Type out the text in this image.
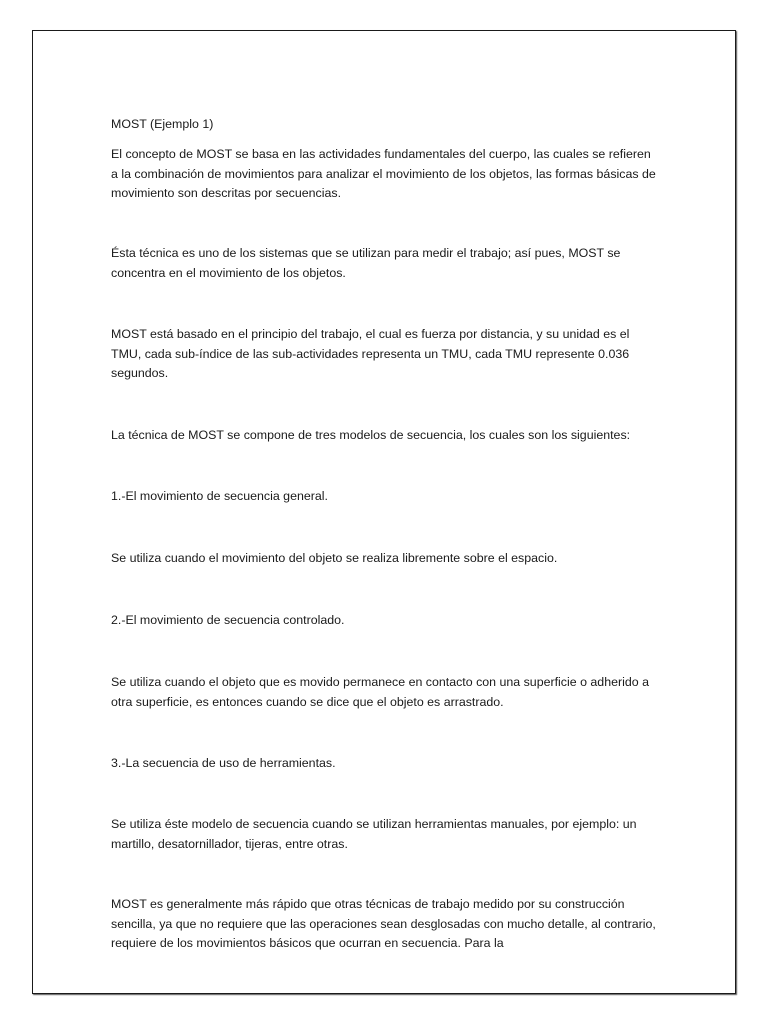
MOST (Ejemplo 1)

El concepto de MOST se basa en las actividades fundamentales del cuerpo, las cuales se refieren a la combinación de movimientos para analizar el movimiento de los objetos, las formas básicas de movimiento son descritas por secuencias.

Ésta técnica es uno de los sistemas que se utilizan para medir el trabajo; así pues, MOST se concentra en el movimiento de los objetos.

MOST está basado en el principio del trabajo, el cual es fuerza por distancia, y su unidad es el TMU, cada sub-índice de las sub-actividades representa un TMU, cada TMU represente 0.036 segundos.

La técnica de MOST se compone de tres modelos de secuencia, los cuales son los siguientes:

1.-El movimiento de secuencia general.

Se utiliza cuando el movimiento del objeto se realiza libremente sobre el espacio.

2.-El movimiento de secuencia controlado.

Se utiliza cuando el objeto que es movido permanece en contacto con una superficie o adherido a otra superficie, es entonces cuando se dice que el objeto es arrastrado.

3.-La secuencia de uso de herramientas.

Se utiliza éste modelo de secuencia cuando se utilizan herramientas manuales, por ejemplo: un martillo, desatornillador, tijeras, entre otras.

MOST es generalmente más rápido que otras técnicas de trabajo medido por su construcción sencilla, ya que no requiere que las operaciones sean desglosadas con mucho detalle, al contrario, requiere de los movimientos básicos que ocurran en secuencia. Para la
